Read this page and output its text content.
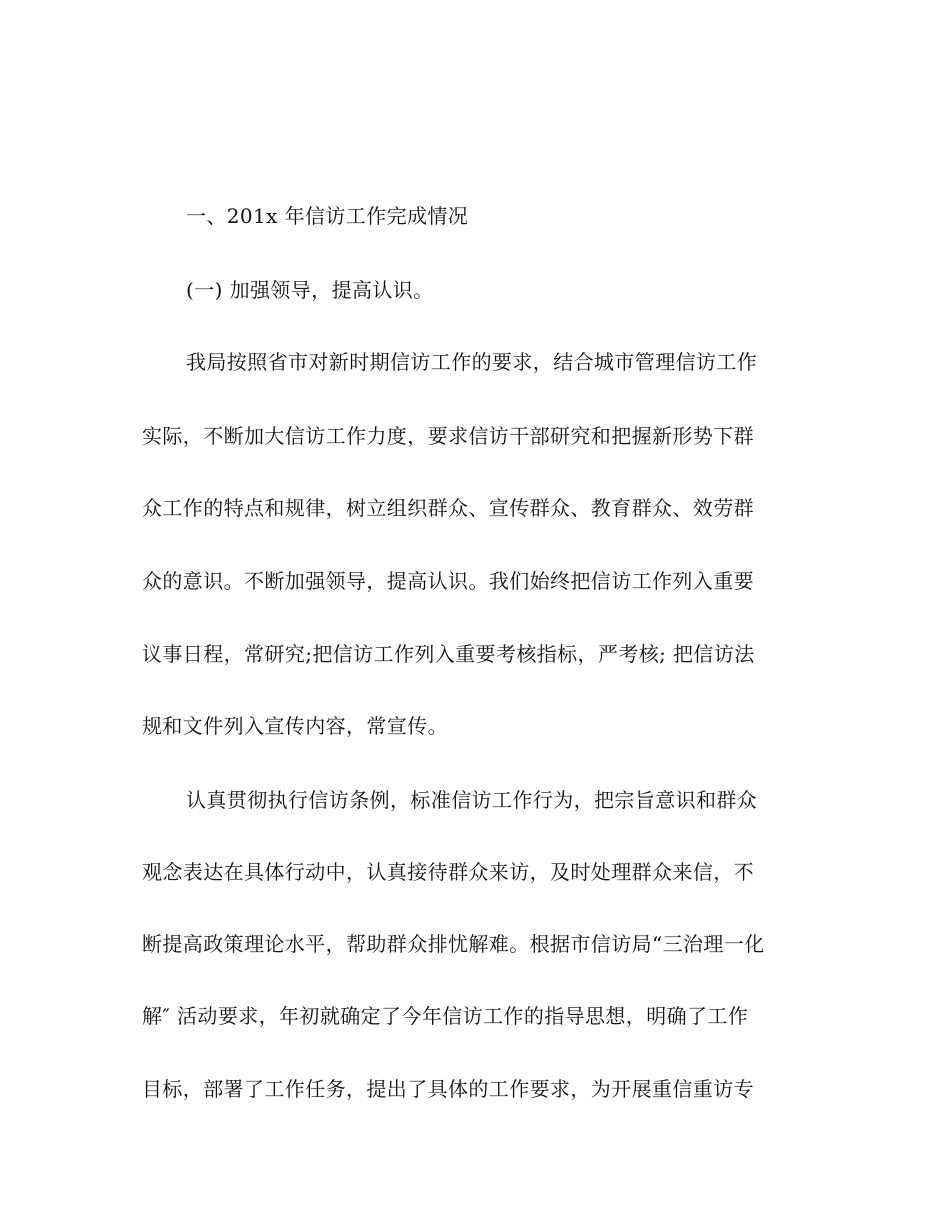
一、201x 年信访工作完成情况
(一) 加强领导，提高认识。
我局按照省市对新时期信访工作的要求，结合城市管理信访工作
实际，不断加大信访工作力度，要求信访干部研究和把握新形势下群
众工作的特点和规律，树立组织群众、宣传群众、教育群众、效劳群
众的意识。不断加强领导，提高认识。我们始终把信访工作列入重要
议事日程，常研究;把信访工作列入重要考核指标，严考核; 把信访法
规和文件列入宣传内容，常宣传。
认真贯彻执行信访条例，标准信访工作行为，把宗旨意识和群众
观念表达在具体行动中，认真接待群众来访，及时处理群众来信，不
断提高政策理论水平，帮助群众排忧解难。根据市信访局“三治理一化
解″ 活动要求，年初就确定了今年信访工作的指导思想，明确了工作
目标，部署了工作任务，提出了具体的工作要求，为开展重信重访专
